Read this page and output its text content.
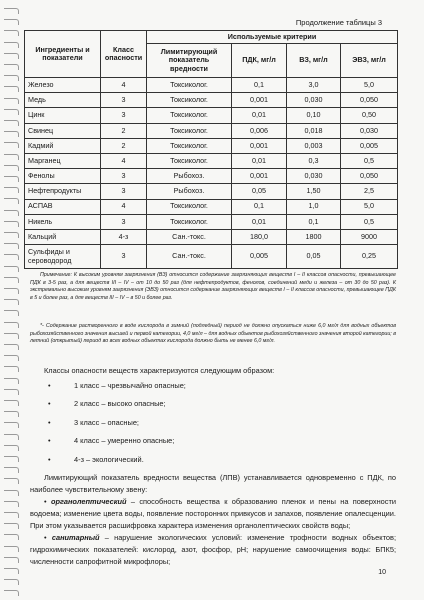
Продолжение таблицы 3
Ингредиенты и показатели	Класс опасности	Используемые критерии			
		Лимитирующий показатель вредности	ПДК, мг/л	ВЗ, мг/л	ЭВЗ, мг/л
Железо	4	Токсиколог.	0,1	3,0	5,0
Медь	3	Токсиколог.	0,001	0,030	0,050
Цинк	3	Токсиколог.	0,01	0,10	0,50
Свинец	2	Токсиколог.	0,006	0,018	0,030
Кадмий	2	Токсиколог.	0,001	0,003	0,005
Марганец	4	Токсиколог.	0,01	0,3	0,5
Фенолы	3	Рыбохоз.	0,001	0,030	0,050
Нефтепродукты	3	Рыбохоз.	0,05	1,50	2,5
АСПАВ	4	Токсиколог.	0,1	1,0	5,0
Никель	3	Токсиколог.	0,01	0,1	0,5
Кальций	4-з	Сан.-токс.	180,0	1800	9000
Сульфиды и сероводород	3	Сан.-токс.	0,005	0,05	0,25

Примечание: К высоким уровням загрязнения (ВЗ) относится содержание загрязняющих веществ I – II классов опасности, превышающее ПДК в 3-5 раз, а для веществ III – IV – от 10 до 50 раз (для нефтепродуктов, фенолов, соединений меди и железа – от 30 до 50 раз). К экстремально высоким уровням загрязнения (ЭВЗ) относится содержание загрязняющих веществ I – II классов опасности, превышающее ПДК в 5 и более раз, а для веществ III – IV – в 50 и более раз.

*- Содержание растворенного в воде кислорода в зимний (подледный) период не должно опускаться ниже 6,0 мг/л для водных объектов рыбохозяйственного значения высшей и первой категории, 4,0 мг/л – для водных объектов рыбохозяйственного значения второй категории; в летний (открытый) период во всех водных объектах кислорода должно быть не менее 6,0 мг/л.

Классы опасности веществ характеризуются следующим образом:

•	1 класс – чрезвычайно опасные;
•	2 класс – высоко опасные;
•	3 класс – опасные;
•	4 класс – умеренно опасные;
•	4-з – экологический.

Лимитирующий показатель вредности вещества (ЛПВ) устанавливается одновременно с ПДК, по наиболее чувствительному звену:

• органолептический – способность вещества к образованию пленок и пены на поверхности водоема; изменение цвета воды, появление посторонних привкусов и запахов, появление опалесценции. При этом указывается расшифровка характера изменения органолептических свойств воды;

• санитарный – нарушение экологических условий: изменение трофности водных объектов; гидрохимических показателей: кислород, азот, фосфор, pH; нарушение самоочищения воды: БПК5; численности сапрофитной микрофлоры;

10
